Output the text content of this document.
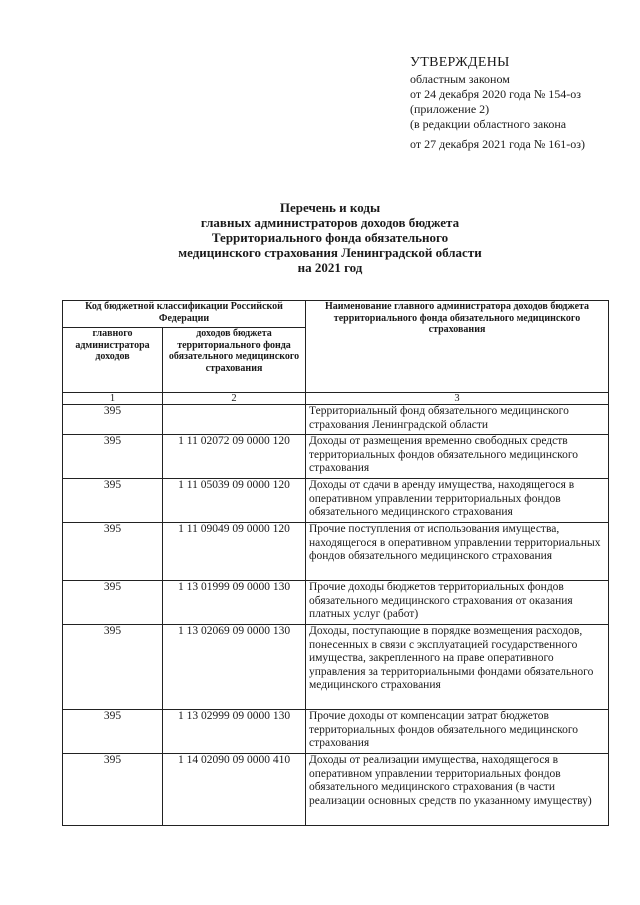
УТВЕРЖДЕНЫ
областным законом
от 24 декабря 2020 года № 154-оз
(приложение 2)
(в редакции областного закона
от 27 декабря 2021 года № 161-оз)
Перечень и коды
главных администраторов доходов бюджета
Территориального фонда обязательного
медицинского страхования Ленинградской области
на 2021 год
Код бюджетной классификации Российской Федерации		Наименование главного администратора доходов бюджета территориального фонда обязательного медицинского страхования
главного администратора доходов	доходов бюджета территориального фонда обязательного медицинского страхования	
1	2	3
395		Территориальный фонд обязательного медицинского страхования Ленинградской области
395	1 11 02072 09 0000 120	Доходы от размещения временно свободных средств территориальных фондов обязательного медицинского страхования
395	1 11 05039 09 0000 120	Доходы от сдачи в аренду имущества, находящегося в оперативном управлении территориальных фондов обязательного медицинского страхования
395	1 11 09049 09 0000 120	Прочие поступления от использования имущества, находящегося в оперативном управлении территориальных фондов обязательного медицинского страхования
395	1 13 01999 09 0000 130	Прочие доходы бюджетов территориальных фондов обязательного медицинского страхования от оказания платных услуг (работ)
395	1 13 02069 09 0000 130	Доходы, поступающие в порядке возмещения расходов, понесенных в связи с эксплуатацией государственного имущества, закрепленного на праве оперативного управления за территориальными фондами обязательного медицинского страхования
395	1 13 02999 09 0000 130	Прочие доходы от компенсации затрат бюджетов территориальных фондов обязательного медицинского страхования
395	1 14 02090 09 0000 410	Доходы от реализации имущества, находящегося в оперативном управлении территориальных фондов обязательного медицинского страхования (в части реализации основных средств по указанному имуществу)
